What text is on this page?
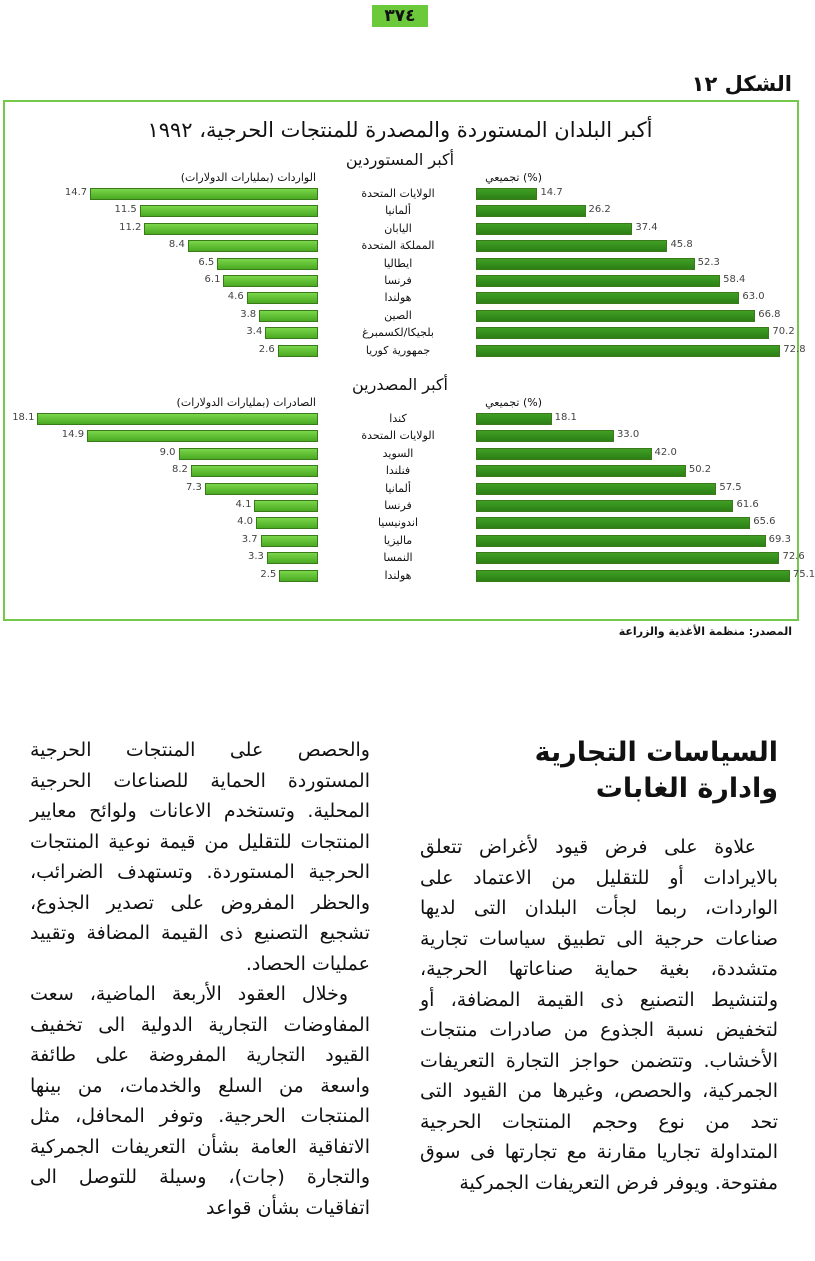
٣٧٤
الشكل ١٢
أكبر البلدان المستوردة والمصدرة للمنتجات الحرجية، ١٩٩٢
أكبر المستوردين
أكبر المصدرين
الواردات (بمليارات الدولارات)	تجميعي (%)
الصادرات (بمليارات الدولارات)	تجميعي (%)
14.7	الولايات المتحدة	14.7
11.5	ألمانيا	26.2
11.2	اليابان	37.4
8.4	المملكة المتحدة	45.8
6.5	ايطاليا	52.3
6.1	فرنسا	58.4
4.6	هولندا	63.0
3.8	الصين	66.8
3.4	بلجيكا/لكسمبرغ	70.2
2.6	جمهورية كوريا	72.8
18.1	كندا	18.1
14.9	الولايات المتحدة	33.0
9.0	السويد	42.0
8.2	فنلندا	50.2
7.3	ألمانيا	57.5
4.1	فرنسا	61.6
4.0	اندونيسيا	65.6
3.7	ماليزيا	69.3
3.3	النمسا	72.6
2.5	هولندا	75.1
المصدر: منظمة الأغذية والزراعة
السياسات التجارية
وادارة الغابات
علاوة على فرض قيود لأغراض تتعلق بالايرادات أو للتقليل من الاعتماد على الواردات، ربما لجأت البلدان التى لديها صناعات حرجية الى تطبيق سياسات تجارية متشددة، بغية حماية صناعاتها الحرجية، ولتنشيط التصنيع ذى القيمة المضافة، أو لتخفيض نسبة الجذوع من صادرات منتجات الأخشاب. وتتضمن حواجز التجارة التعريفات الجمركية، والحصص، وغيرها من القيود التى تحد من نوع وحجم المنتجات الحرجية المتداولة تجاريا مقارنة مع تجارتها فى سوق مفتوحة. ويوفر فرض التعريفات الجمركية
والحصص على المنتجات الحرجية المستوردة الحماية للصناعات الحرجية المحلية. وتستخدم الاعانات ولوائح معايير المنتجات للتقليل من قيمة نوعية المنتجات الحرجية المستوردة. وتستهدف الضرائب، والحظر المفروض على تصدير الجذوع، تشجيع التصنيع ذى القيمة المضافة وتقييد عمليات الحصاد.
وخلال العقود الأربعة الماضية، سعت المفاوضات التجارية الدولية الى تخفيف القيود التجارية المفروضة على طائفة واسعة من السلع والخدمات، من بينها المنتجات الحرجية. وتوفر المحافل، مثل الاتفاقية العامة بشأن التعريفات الجمركية والتجارة (جات)، وسيلة للتوصل الى اتفاقيات بشأن قواعد
